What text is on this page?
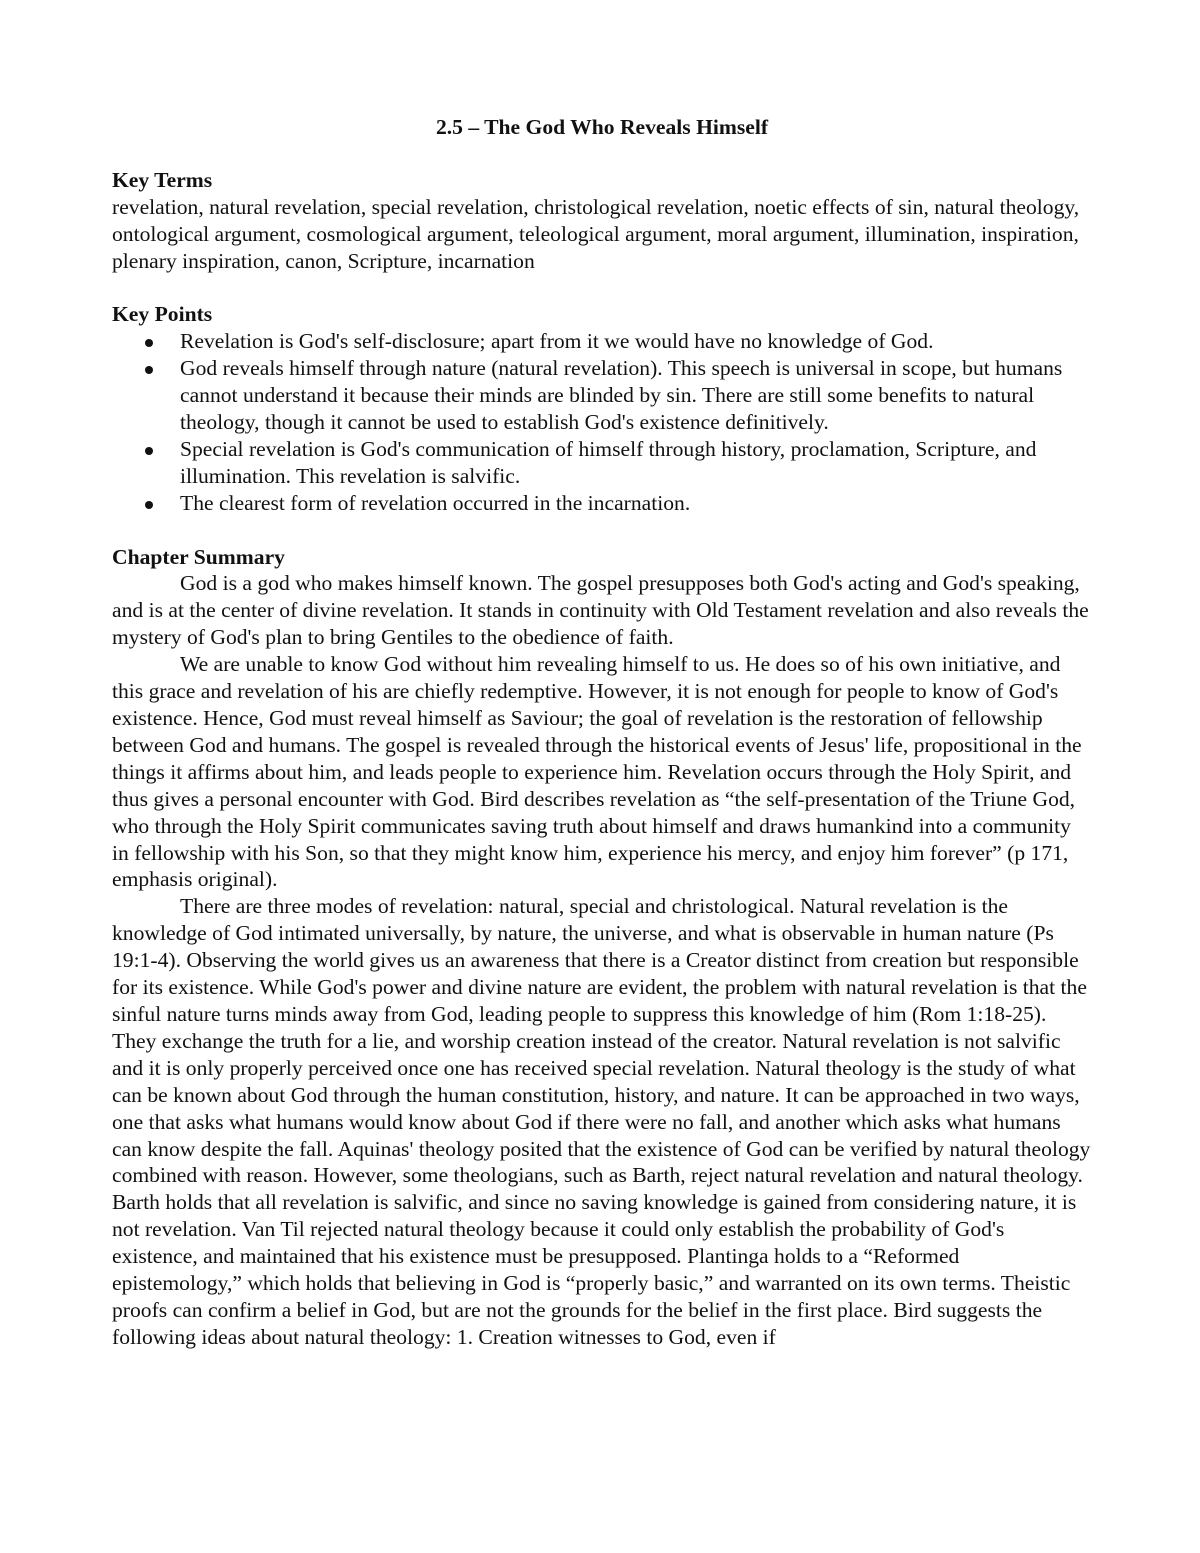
2.5 – The God Who Reveals Himself
Key Terms
revelation, natural revelation, special revelation, christological revelation, noetic effects of sin, natural theology, ontological argument, cosmological argument, teleological argument, moral argument, illumination, inspiration, plenary inspiration, canon, Scripture, incarnation
Key Points
Revelation is God's self-disclosure; apart from it we would have no knowledge of God.
God reveals himself through nature (natural revelation). This speech is universal in scope, but humans cannot understand it because their minds are blinded by sin. There are still some benefits to natural theology, though it cannot be used to establish God's existence definitively.
Special revelation is God's communication of himself through history, proclamation, Scripture, and illumination. This revelation is salvific.
The clearest form of revelation occurred in the incarnation.
Chapter Summary

God is a god who makes himself known. The gospel presupposes both God's acting and God's speaking, and is at the center of divine revelation. It stands in continuity with Old Testament revelation and also reveals the mystery of God's plan to bring Gentiles to the obedience of faith.

We are unable to know God without him revealing himself to us. He does so of his own initiative, and this grace and revelation of his are chiefly redemptive. However, it is not enough for people to know of God's existence. Hence, God must reveal himself as Saviour; the goal of revelation is the restoration of fellowship between God and humans. The gospel is revealed through the historical events of Jesus' life, propositional in the things it affirms about him, and leads people to experience him. Revelation occurs through the Holy Spirit, and thus gives a personal encounter with God. Bird describes revelation as “the self-presentation of the Triune God, who through the Holy Spirit communicates saving truth about himself and draws humankind into a community in fellowship with his Son, so that they might know him, experience his mercy, and enjoy him forever” (p 171, emphasis original).

There are three modes of revelation: natural, special and christological. Natural revelation is the knowledge of God intimated universally, by nature, the universe, and what is observable in human nature (Ps 19:1-4). Observing the world gives us an awareness that there is a Creator distinct from creation but responsible for its existence. While God's power and divine nature are evident, the problem with natural revelation is that the sinful nature turns minds away from God, leading people to suppress this knowledge of him (Rom 1:18-25). They exchange the truth for a lie, and worship creation instead of the creator. Natural revelation is not salvific and it is only properly perceived once one has received special revelation. Natural theology is the study of what can be known about God through the human constitution, history, and nature. It can be approached in two ways, one that asks what humans would know about God if there were no fall, and another which asks what humans can know despite the fall. Aquinas' theology posited that the existence of God can be verified by natural theology combined with reason. However, some theologians, such as Barth, reject natural revelation and natural theology. Barth holds that all revelation is salvific, and since no saving knowledge is gained from considering nature, it is not revelation. Van Til rejected natural theology because it could only establish the probability of God's existence, and maintained that his existence must be presupposed. Plantinga holds to a “Reformed epistemology,” which holds that believing in God is “properly basic,” and warranted on its own terms. Theistic proofs can confirm a belief in God, but are not the grounds for the belief in the first place. Bird suggests the following ideas about natural theology: 1. Creation witnesses to God, even if
